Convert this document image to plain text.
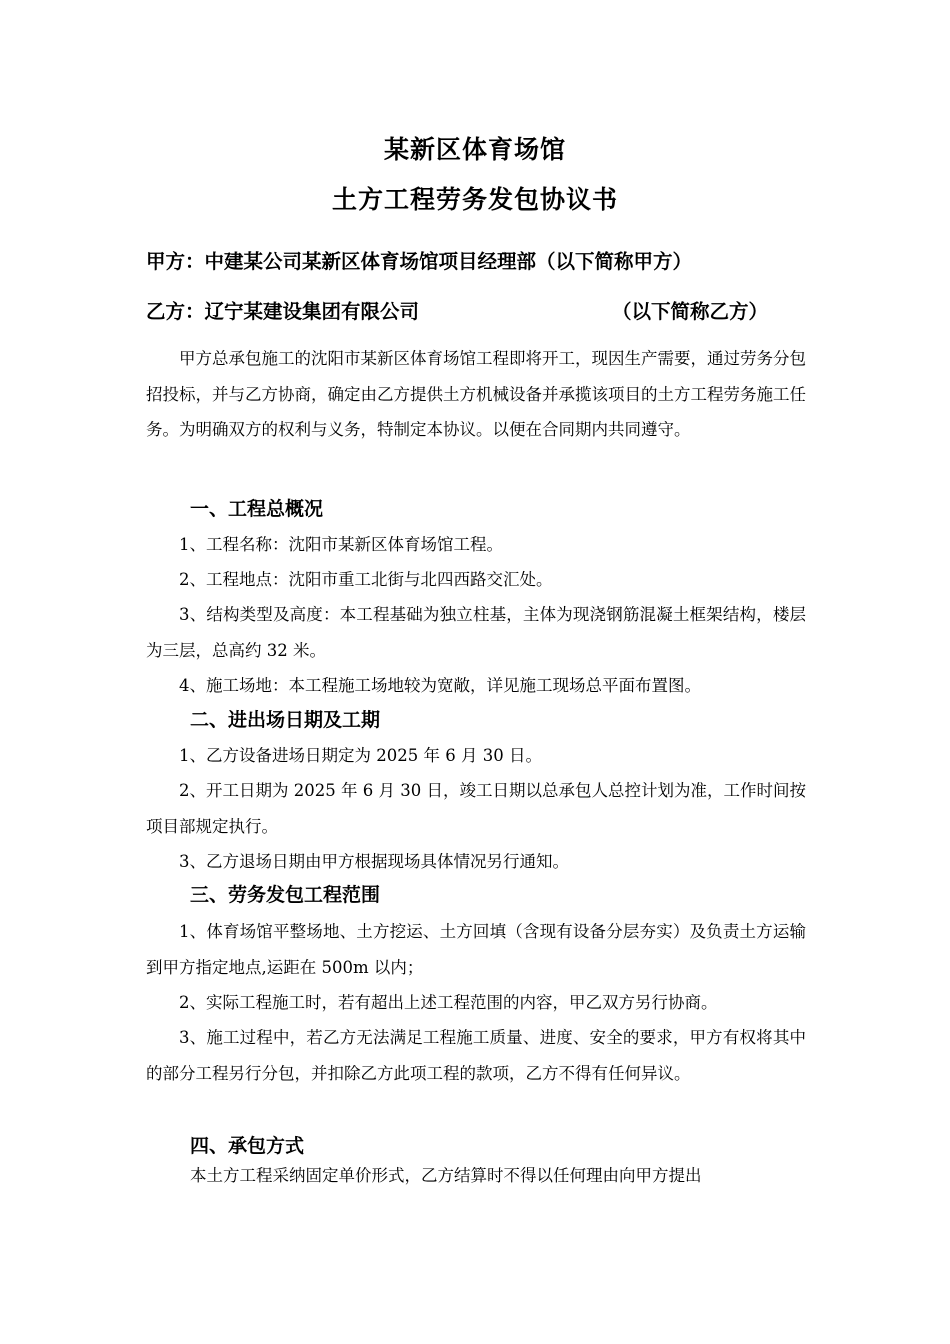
某新区体育场馆
土方工程劳务发包协议书
甲方：中建某公司某新区体育场馆项目经理部（以下简称甲方）
乙方：辽宁某建设集团有限公司	（以下简称乙方）
甲方总承包施工的沈阳市某新区体育场馆工程即将开工，现因生产需要，通过劳务分包招投标，并与乙方协商，确定由乙方提供土方机械设备并承揽该项目的土方工程劳务施工任务。为明确双方的权利与义务，特制定本协议。以便在合同期内共同遵守。
一、工程总概况
1、工程名称：沈阳市某新区体育场馆工程。
2、工程地点：沈阳市重工北街与北四西路交汇处。
3、结构类型及高度：本工程基础为独立柱基，主体为现浇钢筋混凝土框架结构，楼层为三层，总高约 32 米。
4、施工场地：本工程施工场地较为宽敞，详见施工现场总平面布置图。
二、进出场日期及工期
1、乙方设备进场日期定为 2025 年 6 月 30 日。
2、开工日期为 2025 年 6 月 30 日，竣工日期以总承包人总控计划为准，工作时间按项目部规定执行。
3、乙方退场日期由甲方根据现场具体情况另行通知。
三、劳务发包工程范围
1、体育场馆平整场地、土方挖运、土方回填（含现有设备分层夯实）及负责土方运输到甲方指定地点,运距在 500m 以内；
2、实际工程施工时，若有超出上述工程范围的内容，甲乙双方另行协商。
3、施工过程中，若乙方无法满足工程施工质量、进度、安全的要求，甲方有权将其中的部分工程另行分包，并扣除乙方此项工程的款项，乙方不得有任何异议。
四、承包方式
本土方工程采纳固定单价形式，乙方结算时不得以任何理由向甲方提出
